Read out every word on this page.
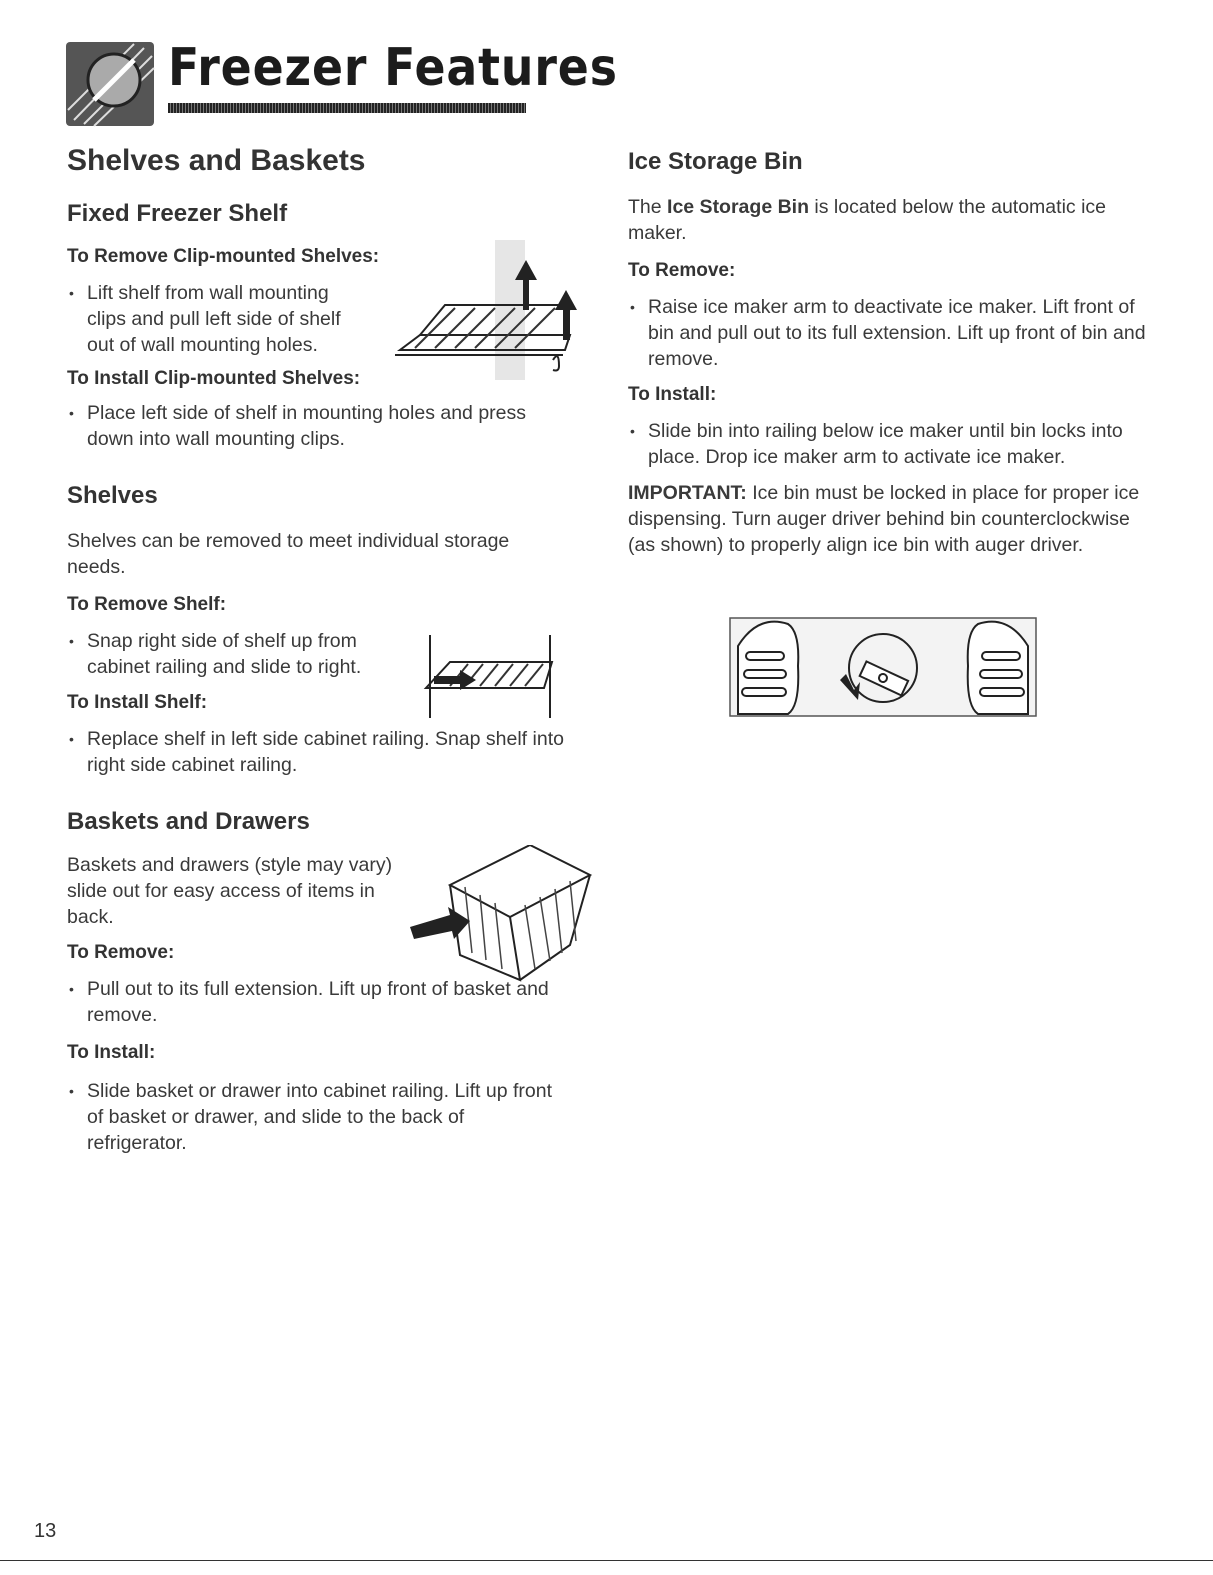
Freezer Features
Shelves and Baskets
Fixed Freezer Shelf
To Remove Clip-mounted Shelves:
• Lift shelf from wall mounting clips and pull left side of shelf out of wall mounting holes.
To Install Clip-mounted Shelves:
• Place left side of shelf in mounting holes and press down into wall mounting clips.
Shelves

Shelves can be removed to meet individual storage needs.

To Remove Shelf:
• Snap right side of shelf up from cabinet railing and slide to right.
To Install Shelf:
• Replace shelf in left side cabinet railing. Snap shelf into right side cabinet railing.
Baskets and Drawers

Baskets and drawers (style may vary) slide out for easy access of items in back.

To Remove:
• Pull out to its full extension. Lift up front of basket and remove.
To Install:
• Slide basket or drawer into cabinet railing. Lift up front of basket or drawer, and slide to the back of refrigerator.
Ice Storage Bin

The Ice Storage Bin is located below the automatic ice maker.

To Remove:
• Raise ice maker arm to deactivate ice maker. Lift front of bin and pull out to its full extension. Lift up front of bin and remove.
To Install:
• Slide bin into railing below ice maker until bin locks into place. Drop ice maker arm to activate ice maker.

IMPORTANT: Ice bin must be locked in place for proper ice dispensing. Turn auger driver behind bin counterclockwise (as shown) to properly align ice bin with auger driver.

13
